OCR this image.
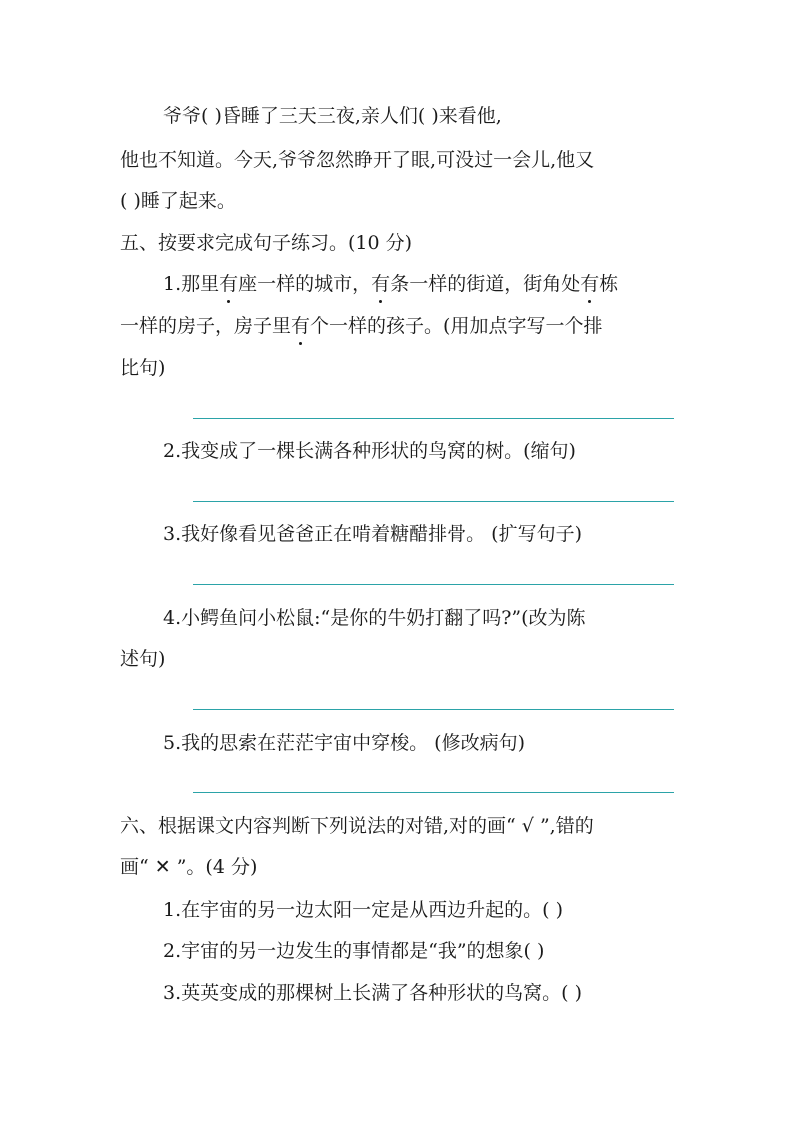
爷爷( )昏睡了三天三夜,亲人们( )来看他,
他也不知道。今天,爷爷忽然睁开了眼,可没过一会儿,他又
( )睡了起来。
五、按要求完成句子练习。(10 分)
1.那里有座一样的城市，有条一样的街道，街角处有栋
一样的房子，房子里有个一样的孩子。(用加点字写一个排
比句)
2.我变成了一棵长满各种形状的鸟窝的树。(缩句)
3.我好像看见爸爸正在啃着糖醋排骨。 (扩写句子)
4.小鳄鱼问小松鼠:“是你的牛奶打翻了吗?”(改为陈
述句)
5.我的思索在茫茫宇宙中穿梭。 (修改病句)
六、根据课文内容判断下列说法的对错,对的画“ √ ”,错的
画“ ✕ ”。(4 分)
1.在宇宙的另一边太阳一定是从西边升起的。( )
2.宇宙的另一边发生的事情都是“我”的想象( )
3.英英变成的那棵树上长满了各种形状的鸟窝。( )
